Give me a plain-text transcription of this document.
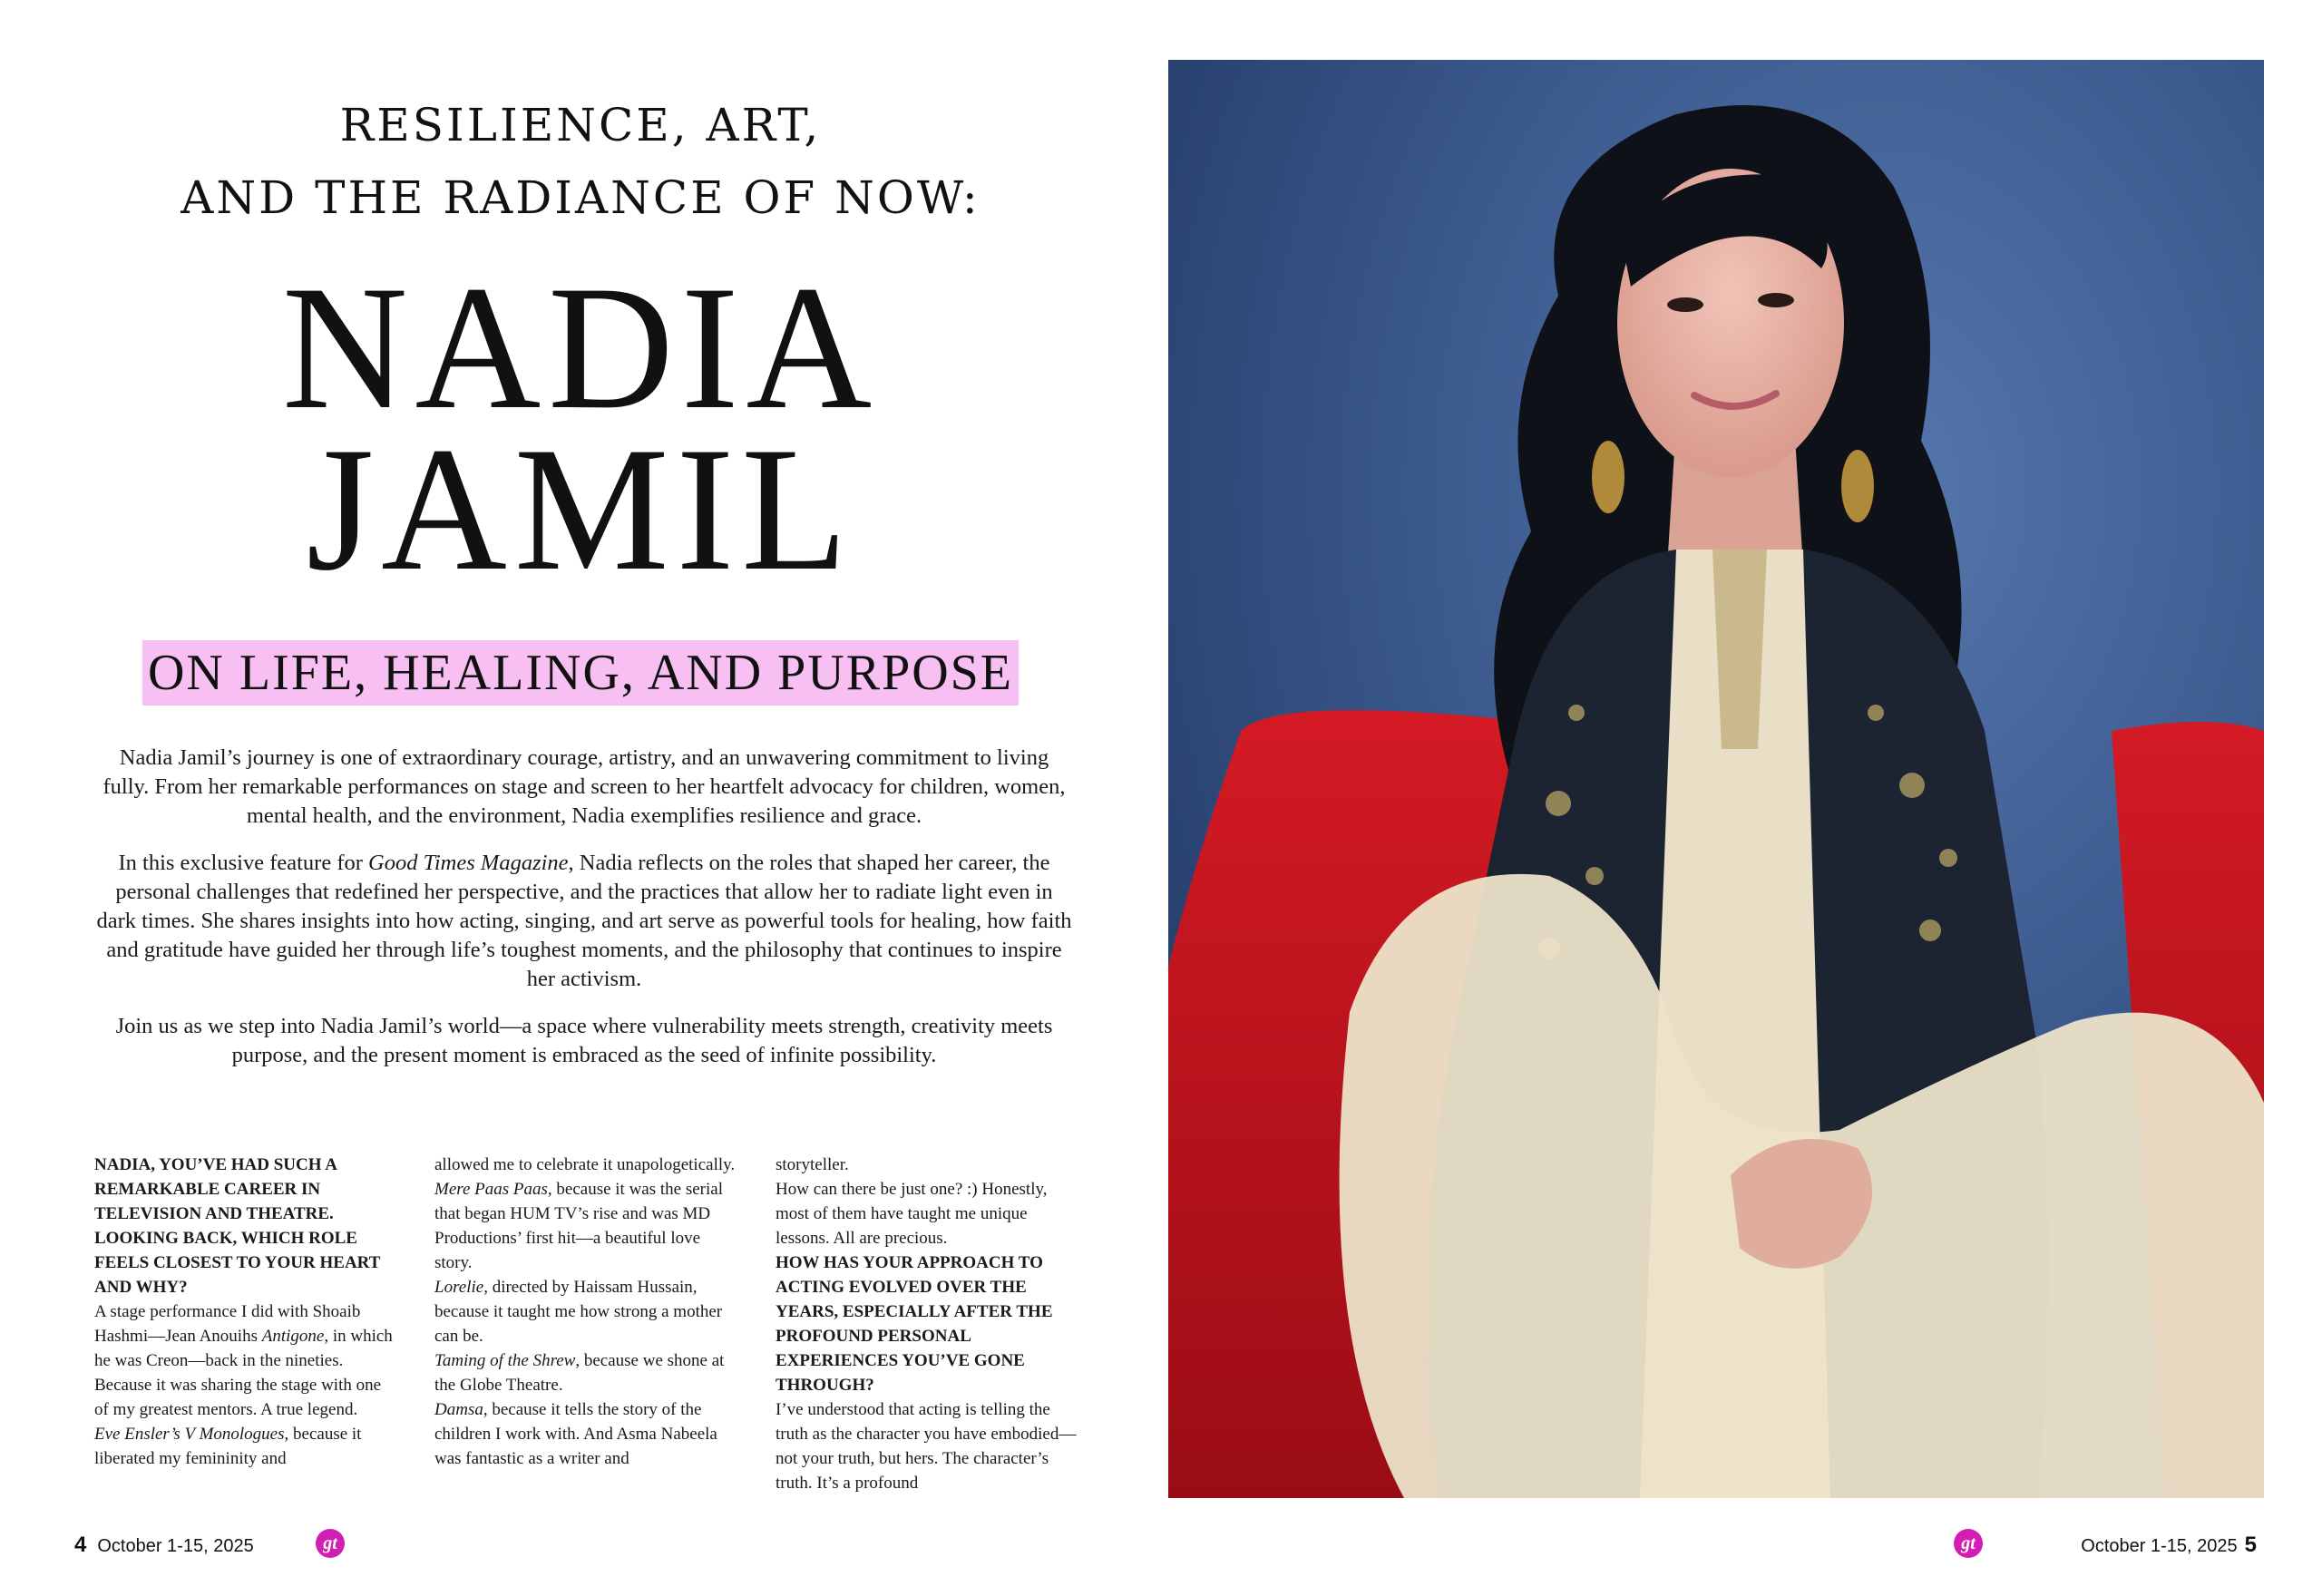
RESILIENCE, ART,
AND THE RADIANCE OF NOW:
NADIA
JAMIL
ON LIFE, HEALING, AND PURPOSE

Nadia Jamil’s journey is one of extraordinary courage, artistry, and an unwavering commitment to living fully. From her remarkable performances on stage and screen to her heartfelt advocacy for children, women, mental health, and the environment, Nadia exemplifies resilience and grace.

In this exclusive feature for Good Times Magazine, Nadia reflects on the roles that shaped her career, the personal challenges that redefined her perspective, and the practices that allow her to radiate light even in dark times. She shares insights into how acting, singing, and art serve as powerful tools for healing, how faith and gratitude have guided her through life’s toughest moments, and the philosophy that continues to inspire her activism.

Join us as we step into Nadia Jamil’s world—a space where vulnerability meets strength, creativity meets purpose, and the present moment is embraced as the seed of infinite possibility.

NADIA, YOU’VE HAD SUCH A REMARKABLE CAREER IN TELEVISION AND THEATRE. LOOKING BACK, WHICH ROLE FEELS CLOSEST TO YOUR HEART AND WHY?

A stage performance I did with Shoaib Hashmi—Jean Anouihs Antigone, in which he was Creon—back in the nineties. Because it was sharing the stage with one of my greatest mentors. A true legend.

Eve Ensler’s V Monologues, because it liberated my femininity and

allowed me to celebrate it unapologetically.

Mere Paas Paas, because it was the serial that began HUM TV’s rise and was MD Productions’ first hit—a beautiful love story.

Lorelie, directed by Haissam Hussain, because it taught me how strong a mother can be.

Taming of the Shrew, because we shone at the Globe Theatre.

Damsa, because it tells the story of the children I work with. And Asma Nabeela was fantastic as a writer and

storyteller.

How can there be just one? :) Honestly, most of them have taught me unique lessons. All are precious.

HOW HAS YOUR APPROACH TO ACTING EVOLVED OVER THE YEARS, ESPECIALLY AFTER THE PROFOUND PERSONAL EXPERIENCES YOU’VE GONE THROUGH?

I’ve understood that acting is telling the truth as the character you have embodied—not your truth, but hers. The character’s truth. It’s a profound

4 October 1-15, 2025	gt	October 1-15, 2025 5
gt
